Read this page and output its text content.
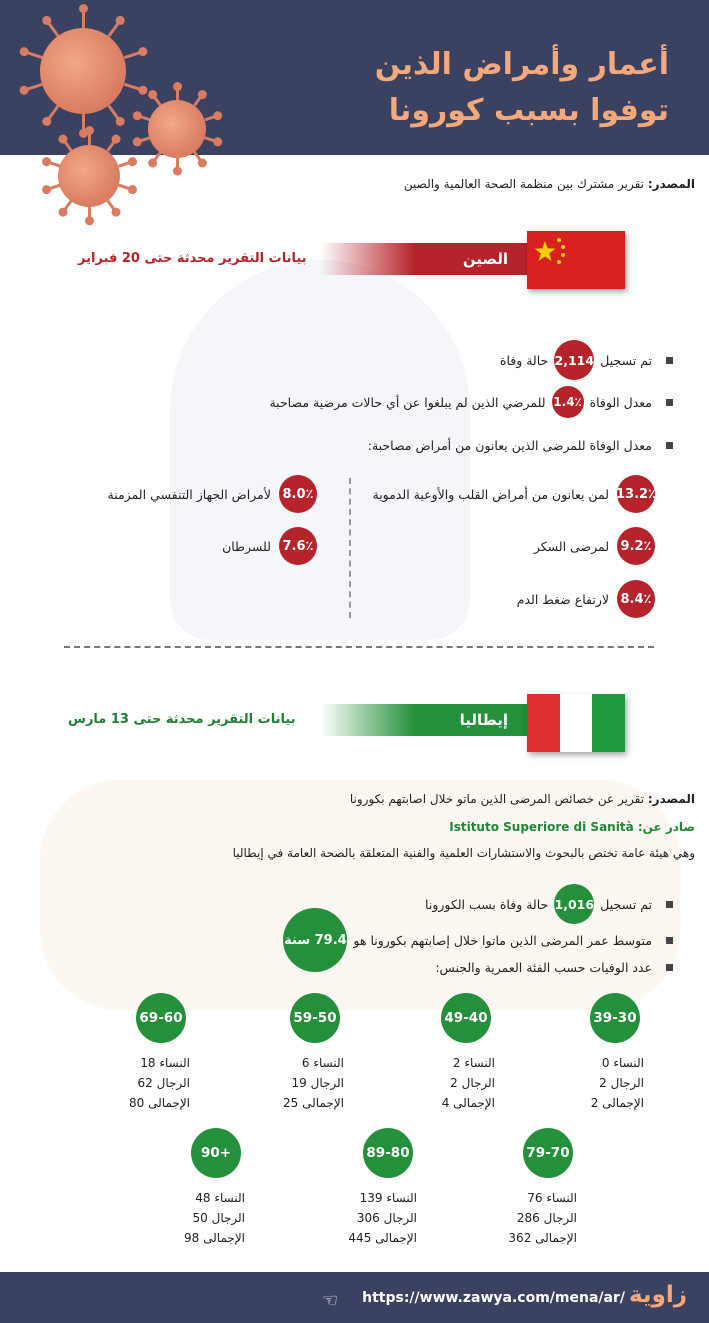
أعمار وأمراض الذين
توفوا بسبب كورونا
المصدر: تقرير مشترك بين منظمة الصحة العالمية والصين
الصين
بيانات التقرير محدثة حتى 20 فبراير
تم تسجيل
2,114
حالة وفاة
معدل الوفاة
1.4٪
للمرضي الذين لم يبلغوا عن أي حالات مرضية مصاحبة
معدل الوفاة للمرضى الذين يعانون من أمراض مصاحبة:
13.2٪
لمن يعانون من أمراض القلب والأوعية الدموية
9.2٪
لمرضى السكر
8.4٪
لارتفاع ضغط الدم
8.0٪
لأمراض الجهاز التنفسي المزمنة
7.6٪
للسرطان
إيطاليا
بيانات التقرير محدثة حتى 13 مارس
المصدر: تقرير عن خصائص المرضى الذين ماتو خلال اصابتهم بكورونا
صادر عن: Istituto Superiore di Sanità
وهي هيئة عامة تختص بالبحوث والاستشارات العلمية والفنية المتعلقة بالصحة العامة في إيطاليا
تم تسجيل
1,016
حالة وفاة بسب الكورونا
متوسط عمر المرضى الذين ماتوا خلال إصابتهم بكورونا هو
79.4 سنة
عدد الوفيات حسب الفئة العمرية والجنس:
39-30
النساء 0
الرجال 2
الإجمالى 2
49-40
النساء 2
الرجال 2
الإجمالى 4
59-50
النساء 6
الرجال 19
الإجمالى 25
69-60
النساء 18
الرجال 62
الإجمالى 80
79-70
النساء 76
الرجال 286
الإجمالى 362
89-80
النساء 139
الرجال 306
الإجمالى 445
+90
النساء 48
الرجال 50
الإجمالى 98
زاوية
https://www.zawya.com/mena/ar/
☜
